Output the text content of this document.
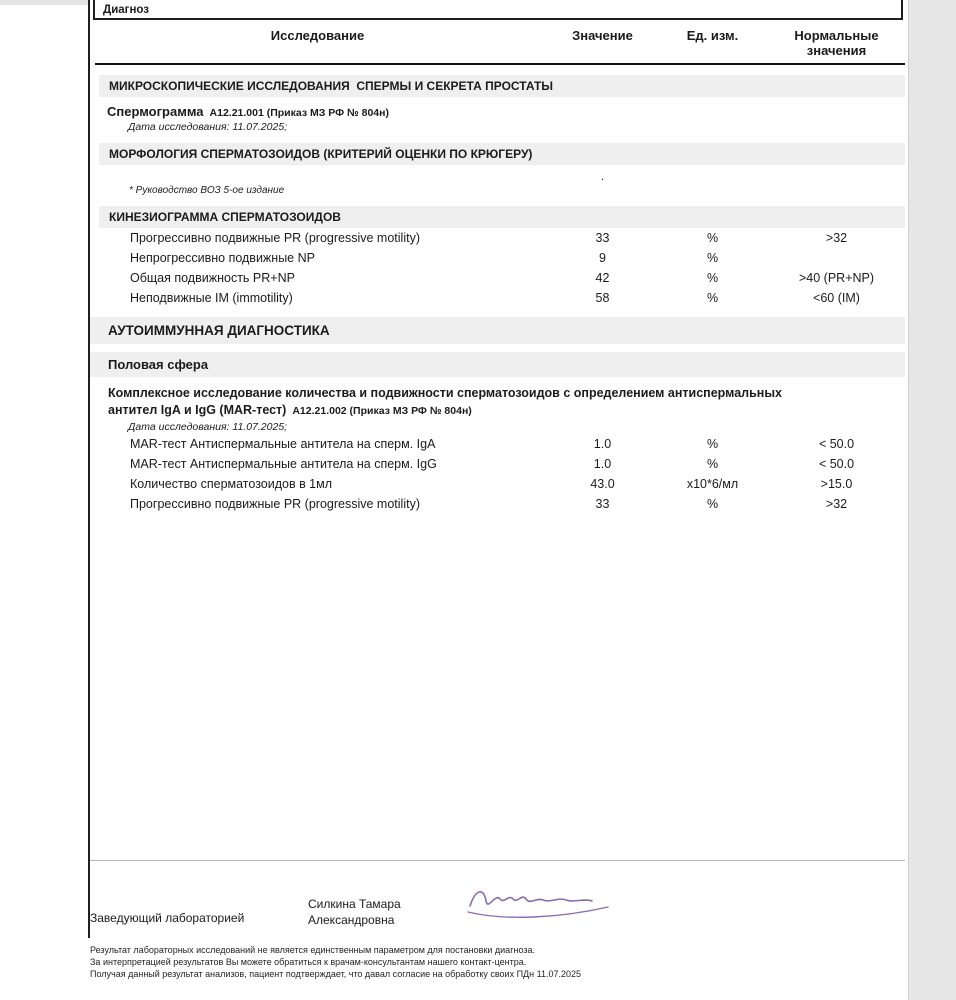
Диагноз
Исследование	Значение	Ед. изм.	Нормальные
значения
МИКРОСКОПИЧЕСКИЕ ИССЛЕДОВАНИЯ  СПЕРМЫ И СЕКРЕТА ПРОСТАТЫ
Спермограмма А12.21.001 (Приказ МЗ РФ № 804н)
Дата исследования: 11.07.2025;
МОРФОЛОГИЯ СПЕРМАТОЗОИДОВ (КРИТЕРИЙ ОЦЕНКИ ПО КРЮГЕРУ)
.
* Руководство ВОЗ 5-ое издание
КИНЕЗИОГРАММА СПЕРМАТОЗОИДОВ
Прогрессивно подвижные PR (progressive motility)	33	%	>32
Непрогрессивно подвижные NP	9	%
Общая подвижность PR+NP	42	%	>40 (PR+NP)
Неподвижные IM (immotility)	58	%	<60 (IM)
АУТОИММУННАЯ ДИАГНОСТИКА
Половая сфера
Комплексное исследование количества и подвижности сперматозоидов с определением антиспермальных
антител IgA и IgG (MAR-тест) А12.21.002 (Приказ МЗ РФ № 804н)
Дата исследования: 11.07.2025;
MAR-тест Антиспермальные антитела на сперм. IgA	1.0	%	< 50.0
MAR-тест Антиспермальные антитела на сперм. IgG	1.0	%	< 50.0
Количество сперматозоидов в 1мл	43.0	х10*6/мл	>15.0
Прогрессивно подвижные PR (progressive motility)	33	%	>32
Заведующий лабораторией
Силкина Тамара
Александровна
Результат лабораторных исследований не является единственным параметром для постановки диагноза.
За интерпретацией результатов Вы можете обратиться к врачам-консультантам нашего контакт-центра.
Получая данный результат анализов, пациент подтверждает, что давал согласие на обработку своих ПДн 11.07.2025
